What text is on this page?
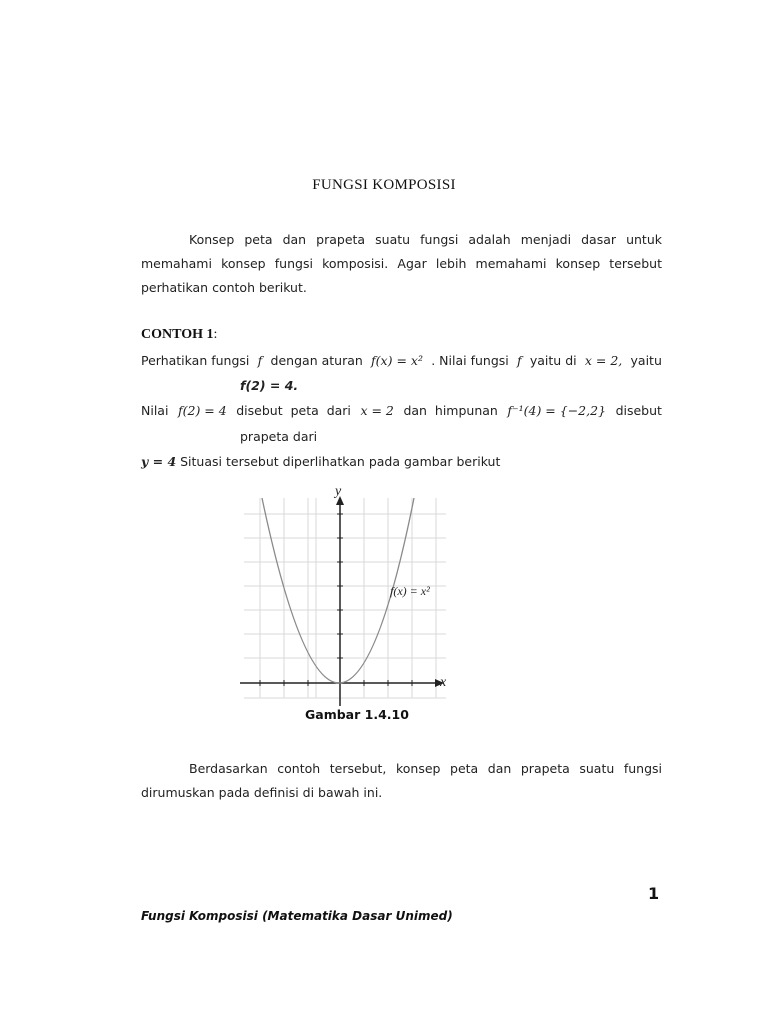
FUNGSI KOMPOSISI
Konsep peta dan prapeta suatu fungsi adalah menjadi dasar untuk memahami konsep fungsi komposisi. Agar lebih memahami konsep tersebut perhatikan contoh berikut.
CONTOH 1:
Perhatikan fungsi f dengan aturan f(x) = x² . Nilai fungsi f yaitu di x = 2, yaitu
f(2) = 4.
Nilai f(2) = 4 disebut  peta  dari x = 2 dan  himpunan f⁻¹(4) = {−2,2} disebut
prapeta dari
y = 4 Situasi tersebut diperlihatkan pada gambar berikut
y
x
f(x) = x²
Gambar 1.4.10
Berdasarkan contoh tersebut, konsep peta dan prapeta suatu fungsi dirumuskan pada definisi di bawah ini.
1
Fungsi Komposisi (Matematika Dasar Unimed)
